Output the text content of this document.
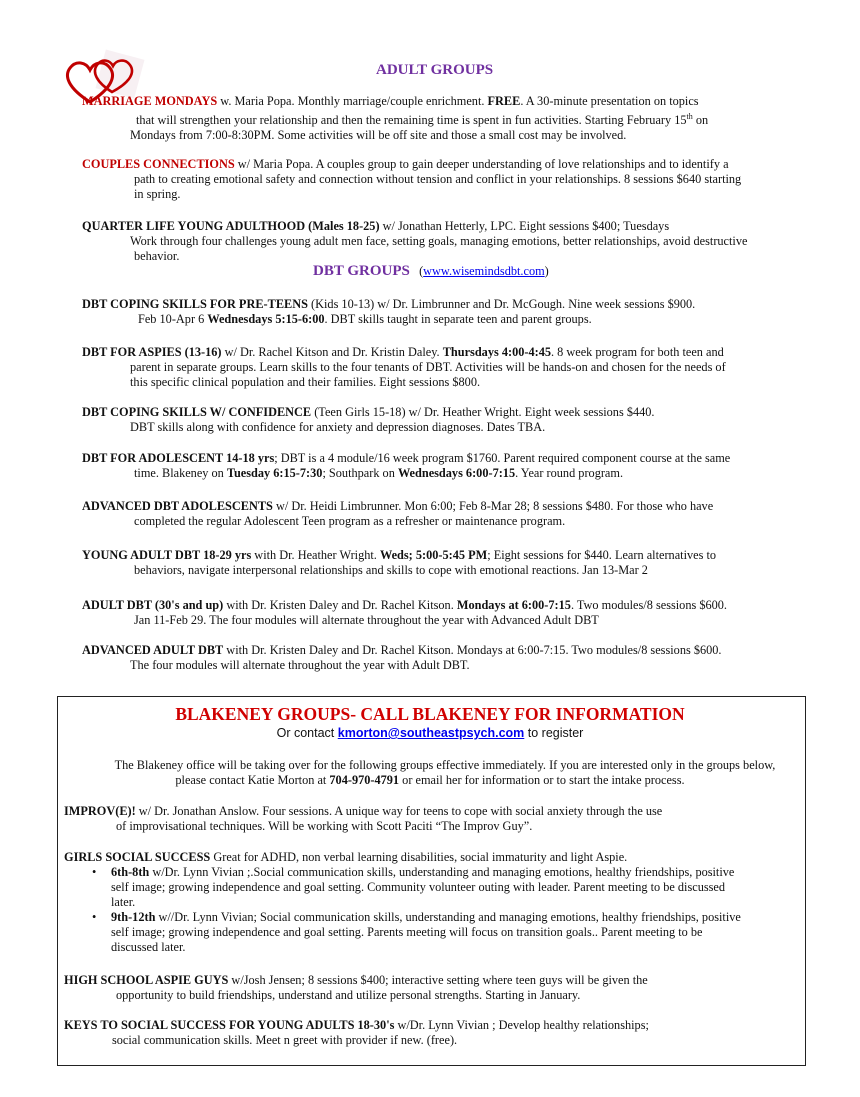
ADULT GROUPS

MARRIAGE MONDAYS w. Maria Popa. Monthly marriage/couple enrichment. FREE. A 30-minute presentation on topics

that will strengthen your relationship and then the remaining time is spent in fun activities. Starting February 15th on

Mondays from 7:00-8:30PM. Some activities will be off site and those a small cost may be involved.

COUPLES CONNECTIONS w/ Maria Popa. A couples group to gain deeper understanding of love relationships and to identify a

path to creating emotional safety and connection without tension and conflict in your relationships. 8 sessions $640 starting

in spring.

QUARTER LIFE YOUNG ADULTHOOD (Males 18-25) w/ Jonathan Hetterly, LPC. Eight sessions $400; Tuesdays

Work through four challenges young adult men face, setting goals, managing emotions, better relationships, avoid destructive

behavior.

DBT GROUPS (www.wisemindsdbt.com)

DBT COPING SKILLS FOR PRE-TEENS (Kids 10-13) w/ Dr. Limbrunner and Dr. McGough. Nine week sessions $900.

Feb 10-Apr 6 Wednesdays 5:15-6:00. DBT skills taught in separate teen and parent groups.

DBT FOR ASPIES (13-16) w/ Dr. Rachel Kitson and Dr. Kristin Daley. Thursdays 4:00-4:45. 8 week program for both teen and

parent in separate groups. Learn skills to the four tenants of DBT. Activities will be hands-on and chosen for the needs of

this specific clinical population and their families. Eight sessions $800.

DBT COPING SKILLS W/ CONFIDENCE (Teen Girls 15-18) w/ Dr. Heather Wright. Eight week sessions $440.

DBT skills along with confidence for anxiety and depression diagnoses. Dates TBA.

DBT FOR ADOLESCENT 14-18 yrs; DBT is a 4 module/16 week program $1760. Parent required component course at the same

time. Blakeney on Tuesday 6:15-7:30; Southpark on Wednesdays 6:00-7:15. Year round program.

ADVANCED DBT ADOLESCENTS w/ Dr. Heidi Limbrunner. Mon 6:00; Feb 8-Mar 28; 8 sessions $480. For those who have

completed the regular Adolescent Teen program as a refresher or maintenance program.

YOUNG ADULT DBT 18-29 yrs with Dr. Heather Wright. Weds; 5:00-5:45 PM; Eight sessions for $440. Learn alternatives to

behaviors, navigate interpersonal relationships and skills to cope with emotional reactions. Jan 13-Mar 2

ADULT DBT (30's and up) with Dr. Kristen Daley and Dr. Rachel Kitson. Mondays at 6:00-7:15. Two modules/8 sessions $600.

Jan 11-Feb 29. The four modules will alternate throughout the year with Advanced Adult DBT

ADVANCED ADULT DBT with Dr. Kristen Daley and Dr. Rachel Kitson. Mondays at 6:00-7:15. Two modules/8 sessions $600.

The four modules will alternate throughout the year with Adult DBT.

BLAKENEY GROUPS- CALL BLAKENEY FOR INFORMATION
Or contact kmorton@southeastpsych.com to register

The Blakeney office will be taking over for the following groups effective immediately. If you are interested only in the groups below,

please contact Katie Morton at 704-970-4791 or email her for information or to start the intake process.

IMPROV(E)! w/ Dr. Jonathan Anslow. Four sessions. A unique way for teens to cope with social anxiety through the use

of improvisational techniques. Will be working with Scott Paciti “The Improv Guy”.

GIRLS SOCIAL SUCCESS Great for ADHD, non verbal learning disabilities, social immaturity and light Aspie.

• 6th-8th w/Dr. Lynn Vivian ;.Social communication skills, understanding and managing emotions, healthy friendships, positive
self image; growing independence and goal setting. Community volunteer outing with leader. Parent meeting to be discussed
later.
• 9th-12th w//Dr. Lynn Vivian; Social communication skills, understanding and managing emotions, healthy friendships, positive
self image; growing independence and goal setting. Parents meeting will focus on transition goals.. Parent meeting to be
discussed later.

HIGH SCHOOL ASPIE GUYS w/Josh Jensen; 8 sessions $400; interactive setting where teen guys will be given the

opportunity to build friendships, understand and utilize personal strengths. Starting in January.

KEYS TO SOCIAL SUCCESS FOR YOUNG ADULTS 18-30's w/Dr. Lynn Vivian ; Develop healthy relationships;

social communication skills. Meet n greet with provider if new. (free).
